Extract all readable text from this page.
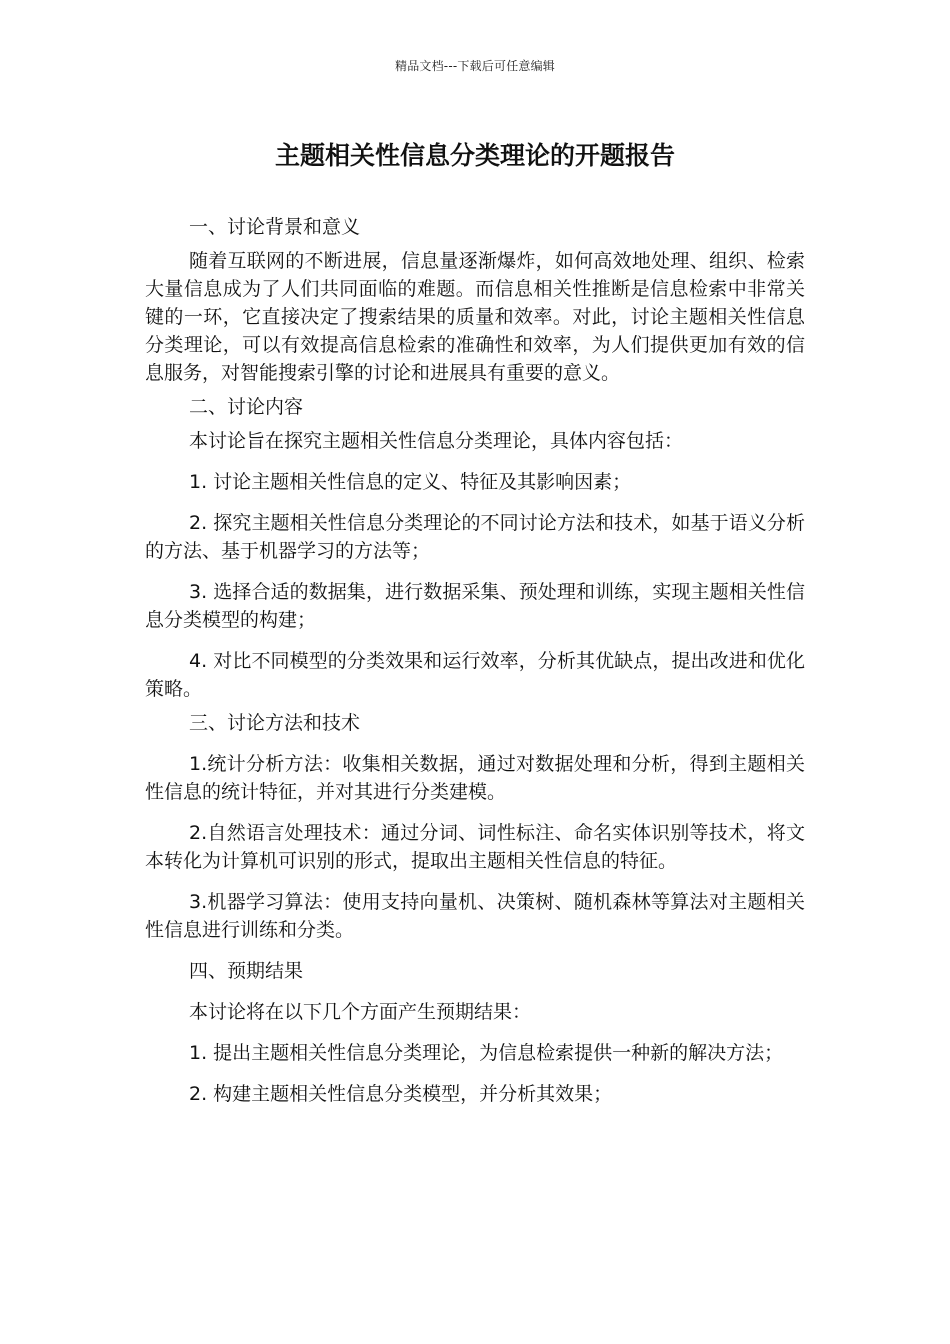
精品文档---下载后可任意编辑
主题相关性信息分类理论的开题报告

一、讨论背景和意义

随着互联网的不断进展，信息量逐渐爆炸，如何高效地处理、组织、检索大量信息成为了人们共同面临的难题。而信息相关性推断是信息检索中非常关键的一环，它直接决定了搜索结果的质量和效率。对此，讨论主题相关性信息分类理论，可以有效提高信息检索的准确性和效率，为人们提供更加有效的信息服务，对智能搜索引擎的讨论和进展具有重要的意义。

二、讨论内容

本讨论旨在探究主题相关性信息分类理论，具体内容包括：

1. 讨论主题相关性信息的定义、特征及其影响因素；

2. 探究主题相关性信息分类理论的不同讨论方法和技术，如基于语义分析的方法、基于机器学习的方法等；

3. 选择合适的数据集，进行数据采集、预处理和训练，实现主题相关性信息分类模型的构建；

4. 对比不同模型的分类效果和运行效率，分析其优缺点，提出改进和优化策略。

三、讨论方法和技术

1.统计分析方法：收集相关数据，通过对数据处理和分析，得到主题相关性信息的统计特征，并对其进行分类建模。

2.自然语言处理技术：通过分词、词性标注、命名实体识别等技术，将文本转化为计算机可识别的形式，提取出主题相关性信息的特征。

3.机器学习算法：使用支持向量机、决策树、随机森林等算法对主题相关性信息进行训练和分类。

四、预期结果

本讨论将在以下几个方面产生预期结果：

1. 提出主题相关性信息分类理论，为信息检索提供一种新的解决方法；

2. 构建主题相关性信息分类模型，并分析其效果；
